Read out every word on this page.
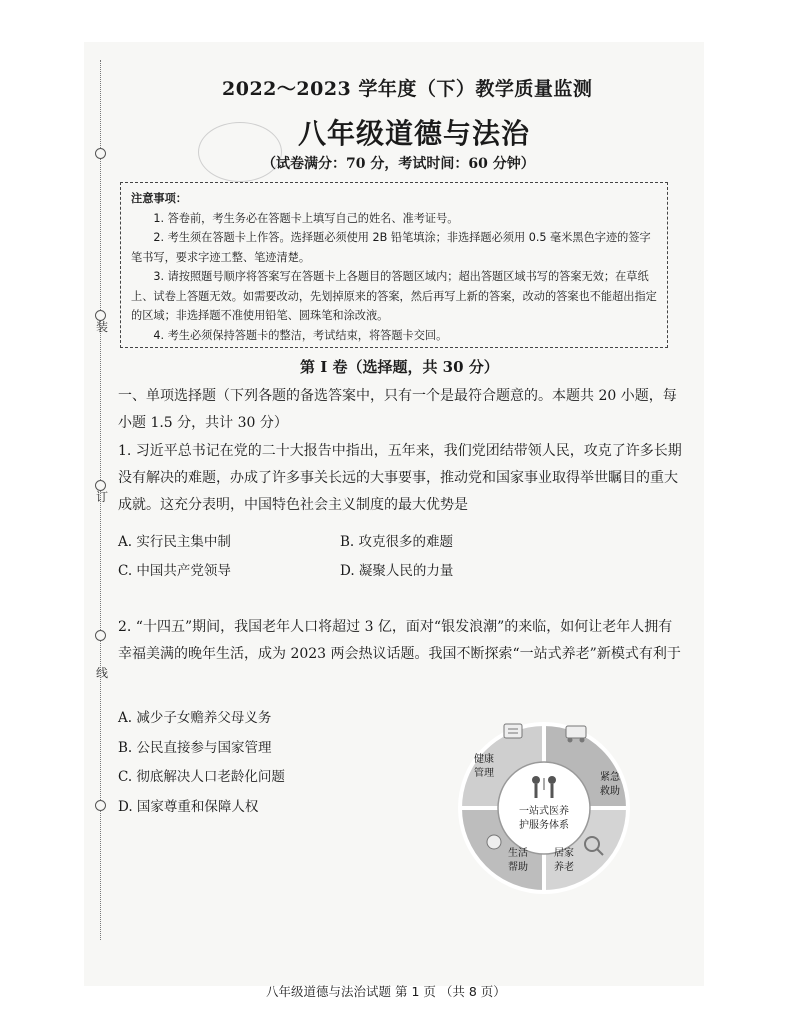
装
订
线
2022～2023 学年度（下）教学质量监测
八年级道德与法治
（试卷满分：70 分，考试时间：60 分钟）
注意事项：

1. 答卷前，考生务必在答题卡上填写自己的姓名、准考证号。

2. 考生须在答题卡上作答。选择题必须使用 2B 铅笔填涂；非选择题必须用 0.5 毫米黑色字迹的签字笔书写，要求字迹工整、笔迹清楚。

3. 请按照题号顺序将答案写在答题卡上各题目的答题区域内；超出答题区域书写的答案无效；在草纸上、试卷上答题无效。如需要改动，先划掉原来的答案，然后再写上新的答案，改动的答案也不能超出指定的区域；非选择题不准使用铅笔、圆珠笔和涂改液。

4. 考生必须保持答题卡的整洁，考试结束，将答题卡交回。

第 I 卷（选择题，共 30 分）

一、单项选择题（下列各题的备选答案中，只有一个是最符合题意的。本题共 20 小题，每小题 1.5 分，共计 30 分）

1. 习近平总书记在党的二十大报告中指出，五年来，我们党团结带领人民，攻克了许多长期没有解决的难题，办成了许多事关长远的大事要事，推动党和国家事业取得举世瞩目的重大成就。这充分表明，中国特色社会主义制度的最大优势是

A. 实行民主集中制	B. 攻克很多的难题
C. 中国共产党领导	D. 凝聚人民的力量

2. “十四五”期间，我国老年人口将超过 3 亿，面对“银发浪潮”的来临，如何让老年人拥有幸福美满的晚年生活，成为 2023 两会热议话题。我国不断探索“一站式养老”新模式有利于

A. 减少子女赡养父母义务
B. 公民直接参与国家管理
C. 彻底解决人口老龄化问题
D. 国家尊重和保障人权	一站式医养
护服务体系
健康
管理	紧急
救助
生活
帮助
居家
养老
八年级道德与法治试题 第 1 页 （共 8 页）
